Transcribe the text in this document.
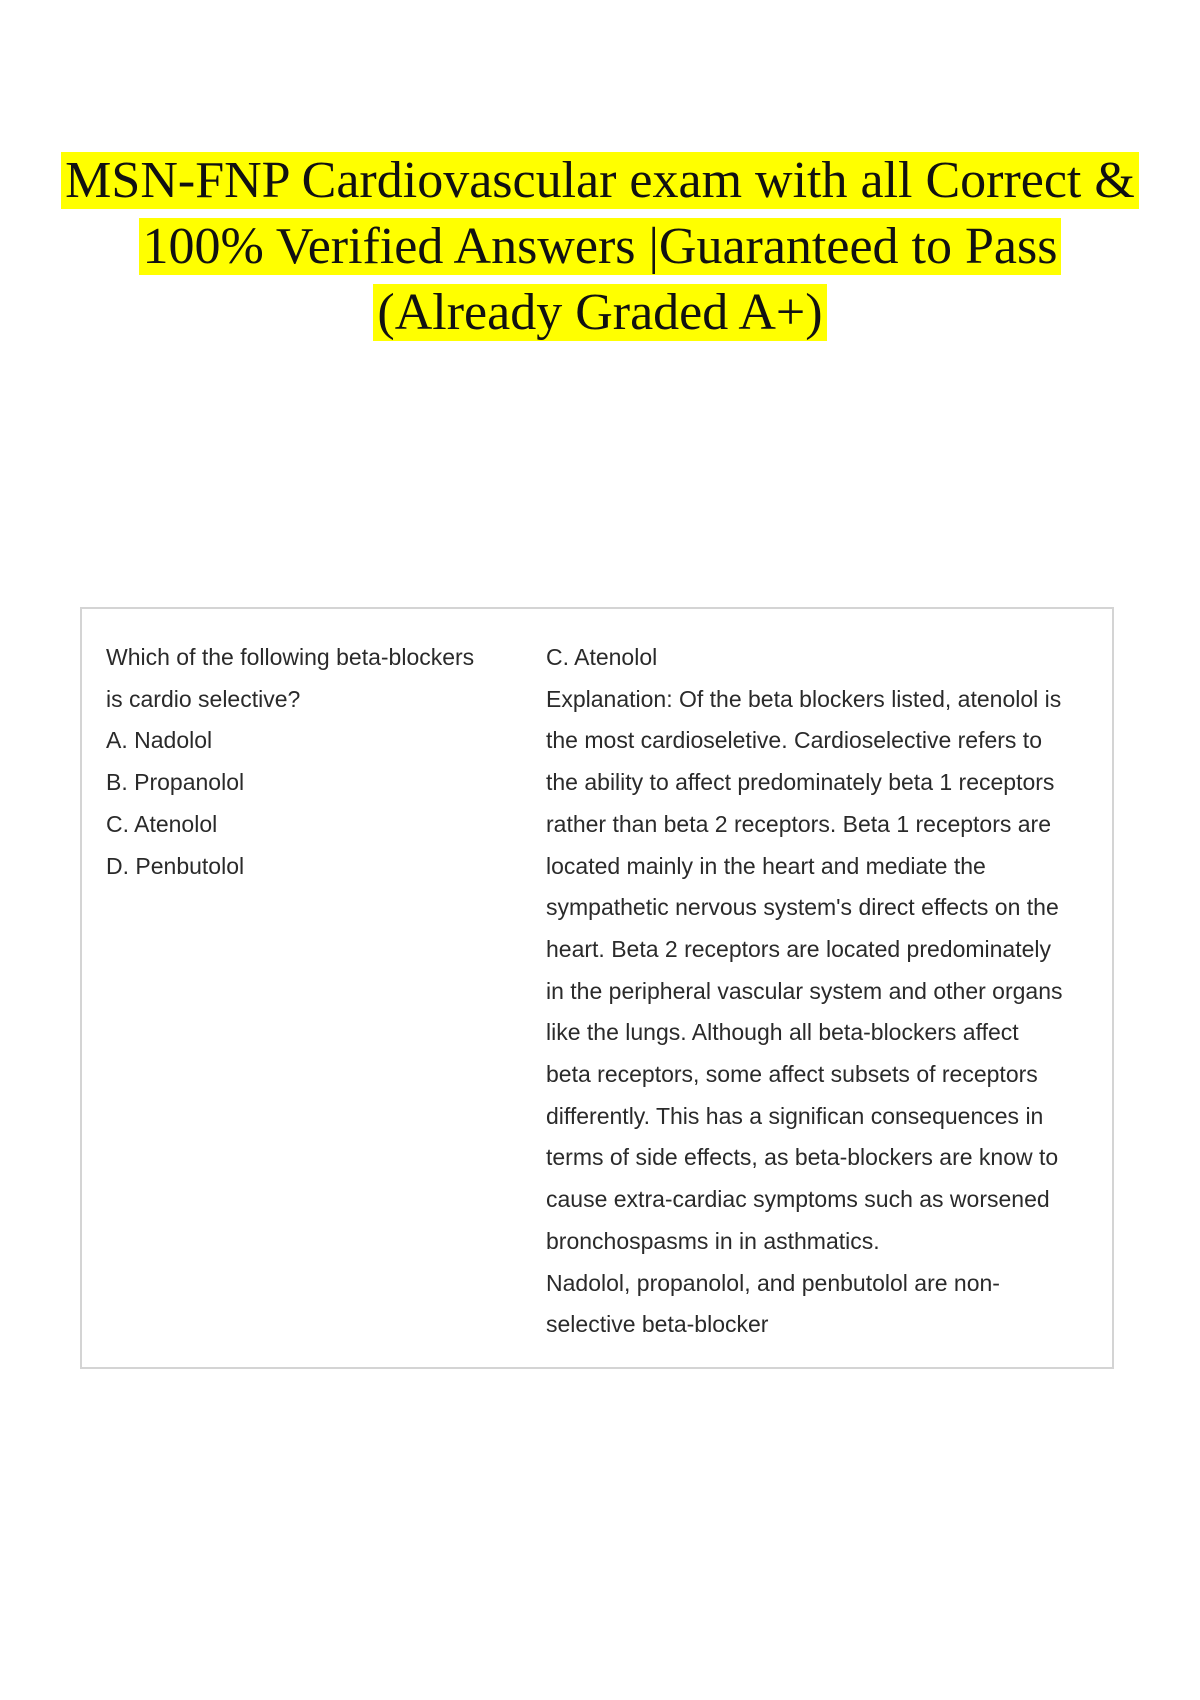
MSN-FNP Cardiovascular exam with all Correct &
100% Verified Answers |Guaranteed to Pass
(Already Graded A+)
Which of the following beta-blockers
is cardio selective?
A. Nadolol
B. Propanolol
C. Atenolol
D. Penbutolol
C. Atenolol
Explanation: Of the beta blockers listed, atenolol is
the most cardioseletive. Cardioselective refers to
the ability to affect predominately beta 1 receptors
rather than beta 2 receptors. Beta 1 receptors are
located mainly in the heart and mediate the
sympathetic nervous system's direct effects on the
heart. Beta 2 receptors are located predominately
in the peripheral vascular system and other organs
like the lungs. Although all beta-blockers affect
beta receptors, some affect subsets of receptors
differently. This has a significan consequences in
terms of side effects, as beta-blockers are know to
cause extra-cardiac symptoms such as worsened
bronchospasms in in asthmatics.
Nadolol, propanolol, and penbutolol are non-
selective beta-blocker
